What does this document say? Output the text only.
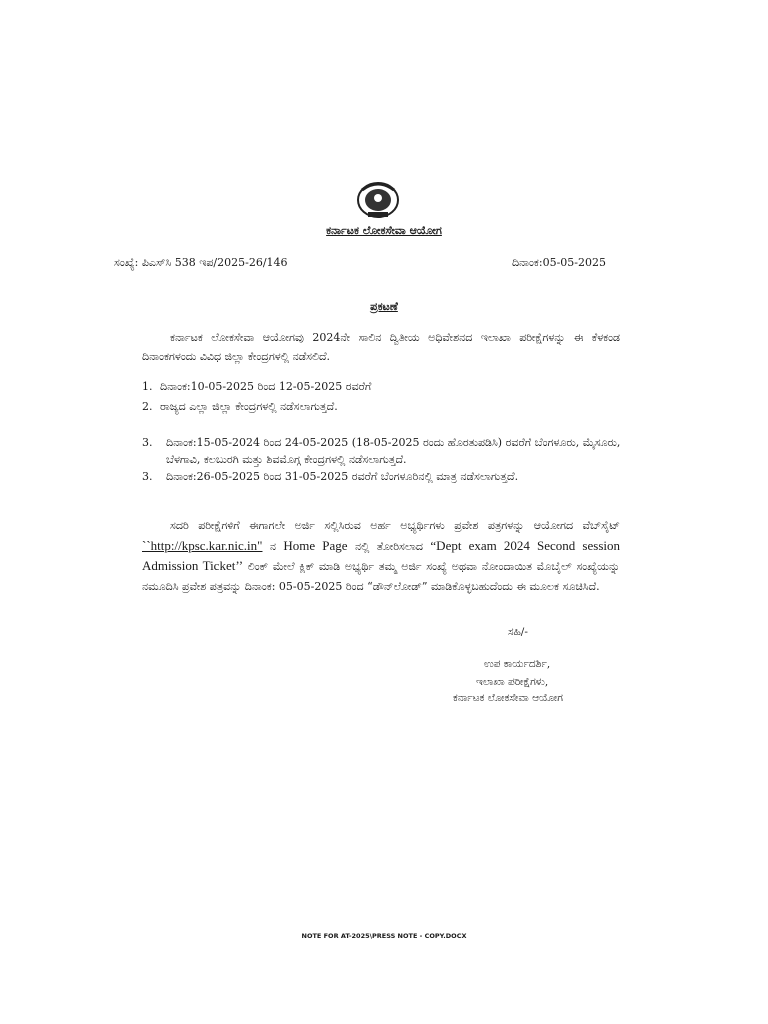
ಕರ್ನಾಟಕ ಲೋಕಸೇವಾ ಆಯೋಗ
ಸಂಖ್ಯೆ: ಪಿಎಸ್‌ಸಿ 538 ಇಪ/2025-26/146	ದಿನಾಂಕ:05-05-2025
ಪ್ರಕಟಣೆ
ಕರ್ನಾಟಕ ಲೋಕಸೇವಾ ಆಯೋಗವು 2024ನೇ ಸಾಲಿನ ದ್ವಿತೀಯ ಅಧಿವೇಶನದ ಇಲಾಖಾ ಪರೀಕ್ಷೆಗಳನ್ನು ಈ ಕೆಳಕಂಡ ದಿನಾಂಕಗಳಂದು ವಿವಿಧ ಜಿಲ್ಲಾ ಕೇಂದ್ರಗಳಲ್ಲಿ ನಡೆಸಲಿದೆ.
1. ದಿನಾಂಕ:10-05-2025 ರಿಂದ 12-05-2025 ರವರೆಗೆ
2. ರಾಜ್ಯದ ಎಲ್ಲಾ ಜಿಲ್ಲಾ ಕೇಂದ್ರಗಳಲ್ಲಿ ನಡೆಸಲಾಗುತ್ತದೆ.
3. ದಿನಾಂಕ:15-05-2024 ರಿಂದ 24-05-2025 (18-05-2025 ರಂದು ಹೊರತುಪಡಿಸಿ) ರವರೆಗೆ ಬೆಂಗಳೂರು, ಮೈಸೂರು, ಬೆಳಗಾವಿ, ಕಲಬುರಗಿ ಮತ್ತು ಶಿವಮೊಗ್ಗ ಕೇಂದ್ರಗಳಲ್ಲಿ ನಡೆಸಲಾಗುತ್ತದೆ.
3. ದಿನಾಂಕ:26-05-2025 ರಿಂದ 31-05-2025 ರವರೆಗೆ ಬೆಂಗಳೂರಿನಲ್ಲಿ ಮಾತ್ರ ನಡೆಸಲಾಗುತ್ತದೆ.
ಸದರಿ ಪರೀಕ್ಷೆಗಳಿಗೆ ಈಗಾಗಲೇ ಅರ್ಜಿ ಸಲ್ಲಿಸಿರುವ ಅರ್ಹ ಅಭ್ಯರ್ಥಿಗಳು ಪ್ರವೇಶ ಪತ್ರಗಳನ್ನು ಆಯೋಗದ ವೆಬ್‌ಸೈಟ್ ``http://kpsc.kar.nic.in" ನ Home Page ನಲ್ಲಿ ತೋರಿಸಲಾದ “Dept exam 2024 Second session Admission Ticket’’ ಲಿಂಕ್ ಮೇಲೆ ಕ್ಲಿಕ್ ಮಾಡಿ ಅಭ್ಯರ್ಥಿ ತಮ್ಮ ಅರ್ಜಿ ಸಂಖ್ಯೆ ಅಥವಾ ನೋಂದಾಯಿತ ಮೊಬೈಲ್ ಸಂಖ್ಯೆಯನ್ನು ನಮೂದಿಸಿ ಪ್ರವೇಶ ಪತ್ರವನ್ನು ದಿನಾಂಕ: 05-05-2025 ರಿಂದ “ಡೌನ್‌ಲೋಡ್” ಮಾಡಿಕೊಳ್ಳಬಹುದೆಂದು ಈ ಮೂಲಕ ಸೂಚಿಸಿದೆ.
ಸಹಿ/-
ಉಪ ಕಾರ್ಯದರ್ಶಿ,
ಇಲಾಖಾ ಪರೀಕ್ಷೆಗಳು,
ಕರ್ನಾಟಕ ಲೋಕಸೇವಾ ಆಯೋಗ
NOTE FOR AT-2025\PRESS NOTE - COPY.DOCX
